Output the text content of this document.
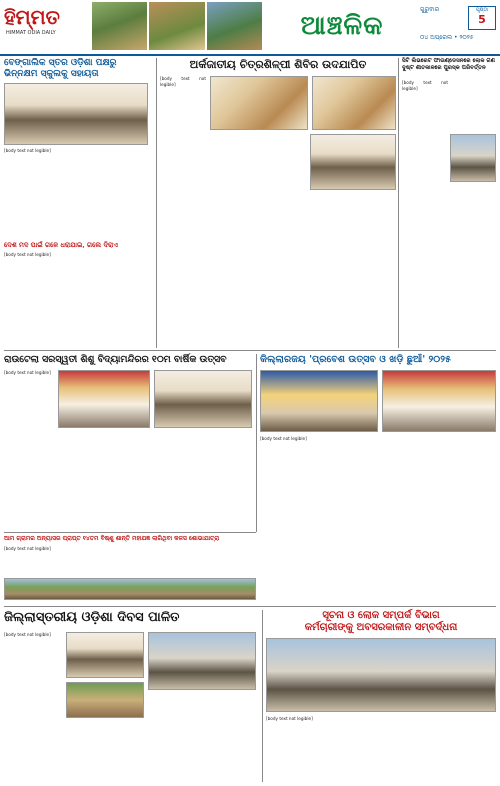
ହିମ୍ମତ
HIMMAT ODIA DAILY	ଆଞ୍ଚଳିକ
ଗୁରୁବାର	ପୃଷ୍ଠା
5
୦୪ ଅପ୍ରେଲ • ୨୦୨୫
ବେଙ୍ଗାଲିକ ସ୍ତର ଓଡ଼ିଶା ପକ୍ଷରୁ
ଭିନ୍ନକ୍ଷମ ସ୍କୁଲକୁ ସହାୟତା
[body text not legible]
ଦେଶ ମଦ ପାଇଁ ଗଳେ ଧରାଯାଇ, ଗଲେ ଦିରାଏ
[body text not legible]
ଅର୍କଜାତୀୟ ଚିତ୍ରଶିଳ୍ପୀ ଶିବିର ଉଦଯାପିତ
[body text not legible]
ସିଟି ଲିଭରେଟ ଫାଉଣ୍ଡେସନରେ ଲୋକ ଗଣ
ଦୁଷ୍ଟ ଶୀତକାଳରେ ପୁରସ୍କ ପରିବର୍ତ୍ତନ
[body text not legible]
ରାଉଟେଲା ସରସ୍ୱତୀ ଶିଶୁ ବିଦ୍ୟାମନ୍ଦିରର ୧୦ମ ବାର୍ଷିକ ଉତ୍ସବ
[body text not legible]
କିଲ୍ଲାରଜୟ 'ପ୍ରବେଶ ଉତ୍ସବ ଓ ଖଡ଼ି ଛୁଆଁ' ୨୦୨୫
[body text not legible]
ଆମ ଗ୍ରାମର ଅନ୍ୟାସର ପ୍ରାପ୍ତ ୧୪ତମ ବିଷ୍ଣୁ ଶାନ୍ତି ମହାଯଜ୍ଞ ଲାଗିଥିବା କଳସ ଶୋଭାଯାତ୍ରା
[body text not legible]
ଜିଲ୍ଲାସ୍ତରୀୟ ଓଡ଼ିଶା ଦିବସ ପାଳିତ
[body text not legible]
ସୂଚନା ଓ ଲୋକ ସମ୍ପର୍କ ବିଭାଗ
କର୍ମଚାରୀଙ୍କୁ ଅବସରକାଳୀନ ସମ୍ବର୍ଦ୍ଧନା
[body text not legible]
